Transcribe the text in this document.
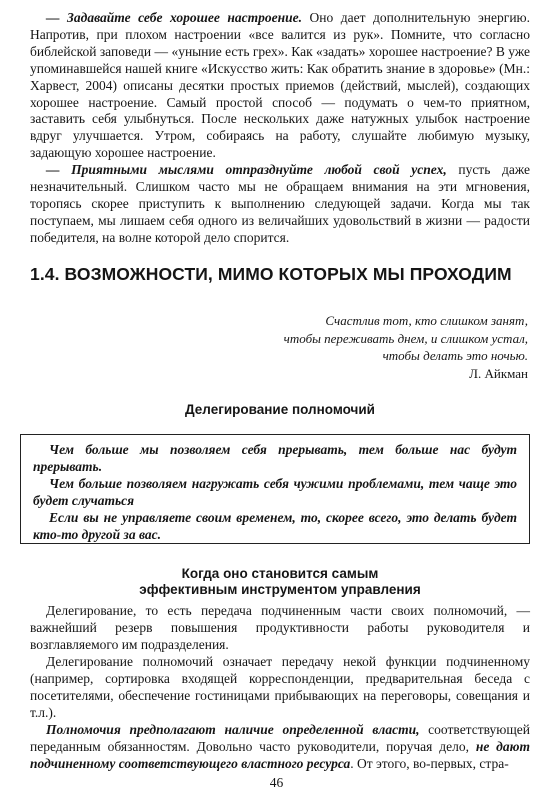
— Задавайте себе хорошее настроение. Оно дает дополнительную энергию. Напротив, при плохом настроении «все валится из рук». Помните, что согласно библейской заповеди — «уныние есть грех». Как «задать» хорошее настроение? В уже упоминавшейся нашей книге «Искусство жить: Как обратить знание в здоровье» (Мн.: Харвест, 2004) описаны десятки простых приемов (действий, мыслей), создающих хорошее настроение. Самый простой способ — подумать о чем-то приятном, заставить себя улыбнуться. После нескольких даже натужных улыбок настроение вдруг улучшается. Утром, собираясь на работу, слушайте любимую музыку, задающую хорошее настроение.

— Приятными мыслями отпразднуйте любой свой успех, пусть даже незначительный. Слишком часто мы не обращаем внимания на эти мгновения, торопясь скорее приступить к выполнению следующей задачи. Когда мы так поступаем, мы лишаем себя одного из величайших удовольствий в жизни — радости победителя, на волне которой дело спорится.

1.4. ВОЗМОЖНОСТИ, МИМО КОТОРЫХ МЫ ПРОХОДИМ
Счастлив тот, кто слишком занят,
чтобы переживать днем, и слишком устал,
чтобы делать это ночью.
Л. Айкман
Делегирование полномочий

Чем больше мы позволяем себя прерывать, тем больше нас будут прерывать.

Чем больше позволяем нагружать себя чужими проблемами, тем чаще это будет случаться

Если вы не управляете своим временем, то, скорее всего, это делать будет кто-то другой за вас.

Когда оно становится самым
эффективным инструментом управления

Делегирование, то есть передача подчиненным части своих полномочий, — важнейший резерв повышения продуктивности работы руководителя и возглавляемого им подразделения.

Делегирование полномочий означает передачу некой функции подчиненному (например, сортировка входящей корреспонденции, предварительная беседа с посетителями, обеспечение гостиницами прибывающих на переговоры, совещания и т.л.).

Полномочия предполагают наличие определенной власти, соответствующей переданным обязанностям. Довольно часто руководители, поручая дело, не дают подчиненному соответствующего властного ресурса. От этого, во-первых, стра-

46
